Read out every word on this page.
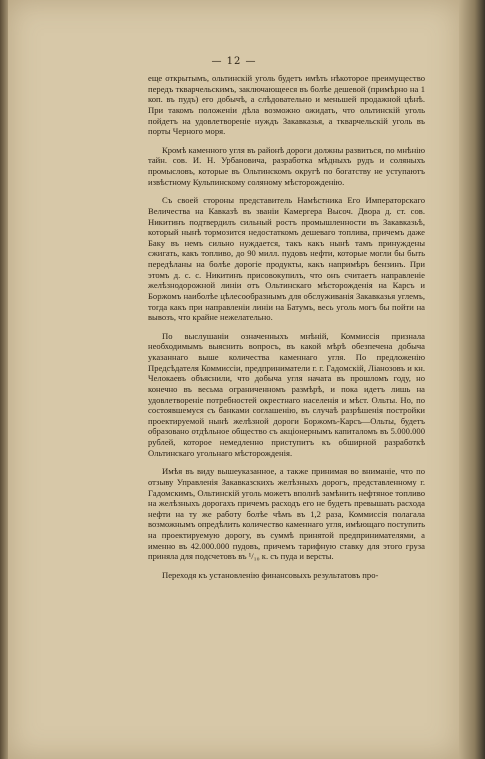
— 12 —

еще открытымъ, ольтинскiй уголь будетъ имѣть нѣкоторое преимущество передъ ткварчельскимъ, заключающееся въ болѣе дешевой (примѣрно на 1 коп. въ пудъ) его добычѣ, а слѣдовательно и меньшей продажной цѣнѣ. При такомъ положенiи дѣла возможно ожидать, что ольтинскiй уголь пойдетъ на удовлетворенiе нуждъ Закавказья, а ткварчельскiй уголь въ порты Черного моря.

Кромѣ каменного угля въ районѣ дороги должны развиться, по мнѣнiю тайн. сов. И. Н. Урбановича, разработка мѣдныхъ рудъ и соляныхъ промысловъ, которые въ Ольтинскомъ округѣ по богатству не уступаютъ извѣстному Кульпинскому соляному мѣсторожденiю.

Съ своей стороны представитель Намѣстника Его Императорскаго Величества на Кавказѣ въ званiи Камергера Высоч. Двора д. ст. сов. Никитинъ подтвердилъ сильный ростъ промышленности въ Закавказьѣ, который нынѣ тормозится недостаткомъ дешеваго топлива, причемъ даже Баку въ немъ сильно нуждается, такъ какъ нынѣ тамъ принуждены сжигать, какъ топливо, до 90 милл. пудовъ нефти, которые могли бы быть передѣланы на болѣе дорогiе продукты, какъ напримѣръ бензинъ. При этомъ д. с. с. Никитинъ присовокупилъ, что онъ считаетъ направленiе желѣзнодорожной линiи отъ Ольтинскаго мѣсторожденiя на Карсъ и Боржомъ наиболѣе цѣлесообразнымъ для обслуживанiя Закавказья углемъ, тогда какъ при направленiи линiи на Батумъ, весь уголь могъ бы пойти на вывозъ, что крайне нежелательно.

По выслушанiи означенныхъ мнѣнiй, Коммиссiя признала необходимымъ выяснить вопросъ, въ какой мѣрѣ обезпечена добыча указаннаго выше количества каменнаго угля. По предложенiю Предсѣдателя Коммиссiи, предприниматели г. г. Гадомскiй, Лiанозовъ и кн. Челокаевъ объяснили, что добыча угля начата въ прошломъ году, но конечно въ весьма ограниченномъ размѣрѣ, и пока идетъ лишь на удовлетворенiе потребностей окрестнаго населенiя и мѣст. Ольты. Но, по состоявшемуся съ банками соглашенiю, въ случаѣ разрѣшенiя постройки проектируемой нынѣ желѣзной дороги Боржомъ-Карсъ—Ольты, будетъ образовано отдѣльное общество съ акцiонернымъ капиталомъ въ 5.000.000 рублей, которое немедленно приступитъ къ обширной разработкѣ Ольтинскаго угольнаго мѣсторожденiя.

Имѣя въ виду вышеуказанное, а также принимая во вниманiе, что по отзыву Управленiя Закавказскихъ желѣзныхъ дорогъ, представленному г. Гадомскимъ, Ольтинскiй уголь можетъ вполнѣ замѣнить нефтяное топливо на желѣзныхъ дорогахъ причемъ расходъ его не будетъ превышать расхода нефти на ту же работу болѣе чѣмъ въ 1,2 раза, Коммиссiя полагала возможнымъ опредѣлить количество каменнаго угля, имѣющаго поступить на проектируемую дорогу, въ суммѣ принятой предпринимателями, а именно въ 42.000.000 пудовъ, причемъ тарифную ставку для этого груза приняла для подсчетовъ въ ¹/₁₀ к. съ пуда и версты.

Переходя къ установленiю финансовыхъ результатовъ про-
